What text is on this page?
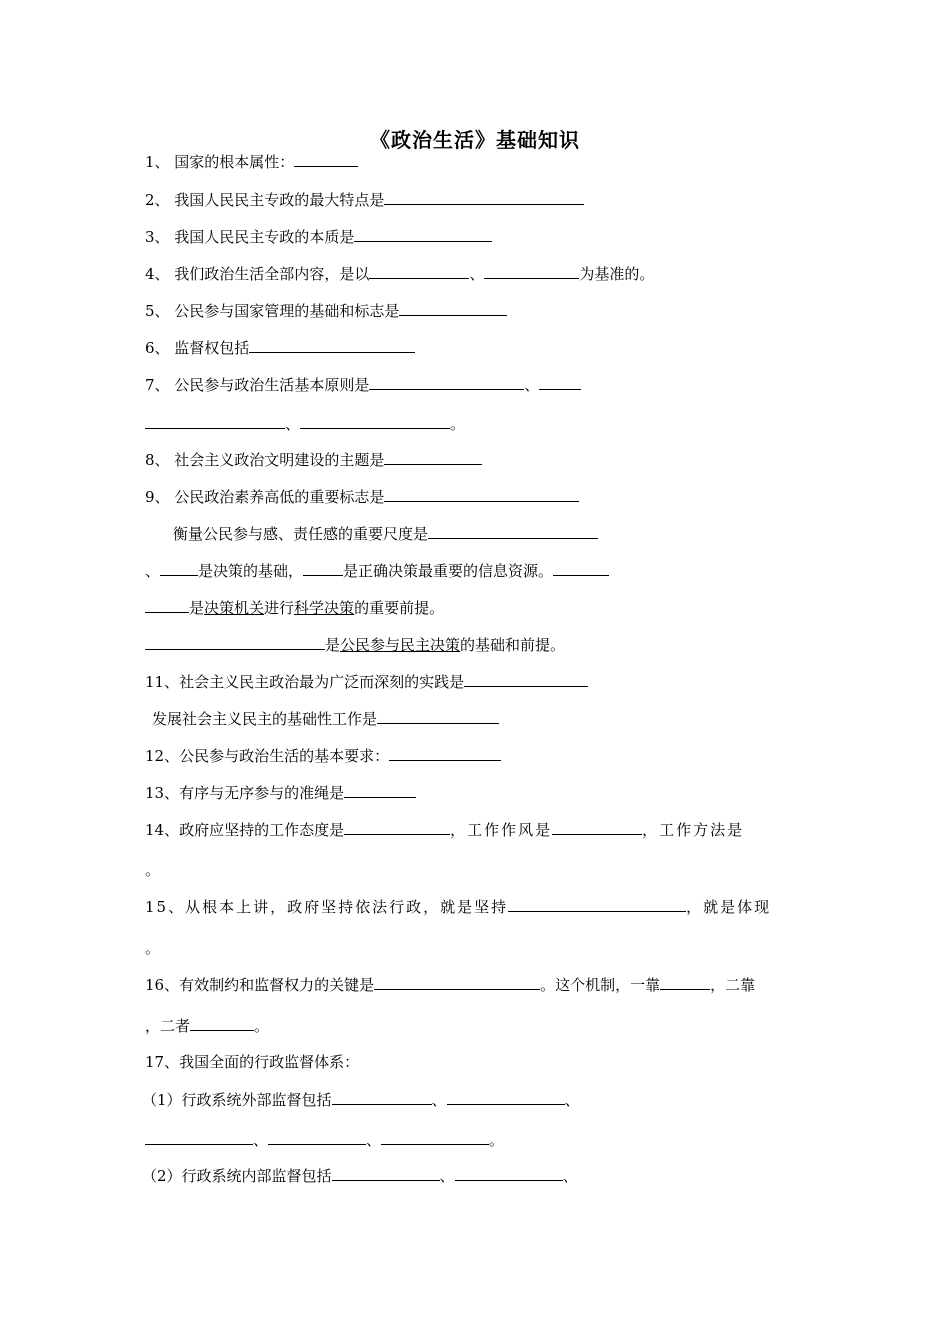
《政治生活》基础知识
1、 国家的根本属性：
2、 我国人民民主专政的最大特点是
3、 我国人民民主专政的本质是
4、 我们政治生活全部内容，是以	、	为基准的。
5、 公民参与国家管理的基础和标志是
6、 监督权包括
7、 公民参与政治生活基本原则是	、
、	。
8、 社会主义政治文明建设的主题是
9、 公民政治素养高低的重要标志是
衡量公民参与感、责任感的重要尺度是
、	是决策的基础，	是正确决策最重要的信息资源。
是决策机关进行科学决策的重要前提。
是公民参与民主决策的基础和前提。
11、社会主义民主政治最为广泛而深刻的实践是
发展社会主义民主的基础性工作是
12、公民参与政治生活的基本要求：
13、有序与无序参与的准绳是
14、政府应坚持的工作态度是	，工作作风是	，工作方法是
。
15、从根本上讲，政府坚持依法行政，就是坚持	，就是体现
。
16、有效制约和监督权力的关键是	。这个机制，一靠	，二靠
，二者	。
17、我国全面的行政监督体系：
（1）行政系统外部监督包括	、	、
、	、	。
（2）行政系统内部监督包括	、	、
